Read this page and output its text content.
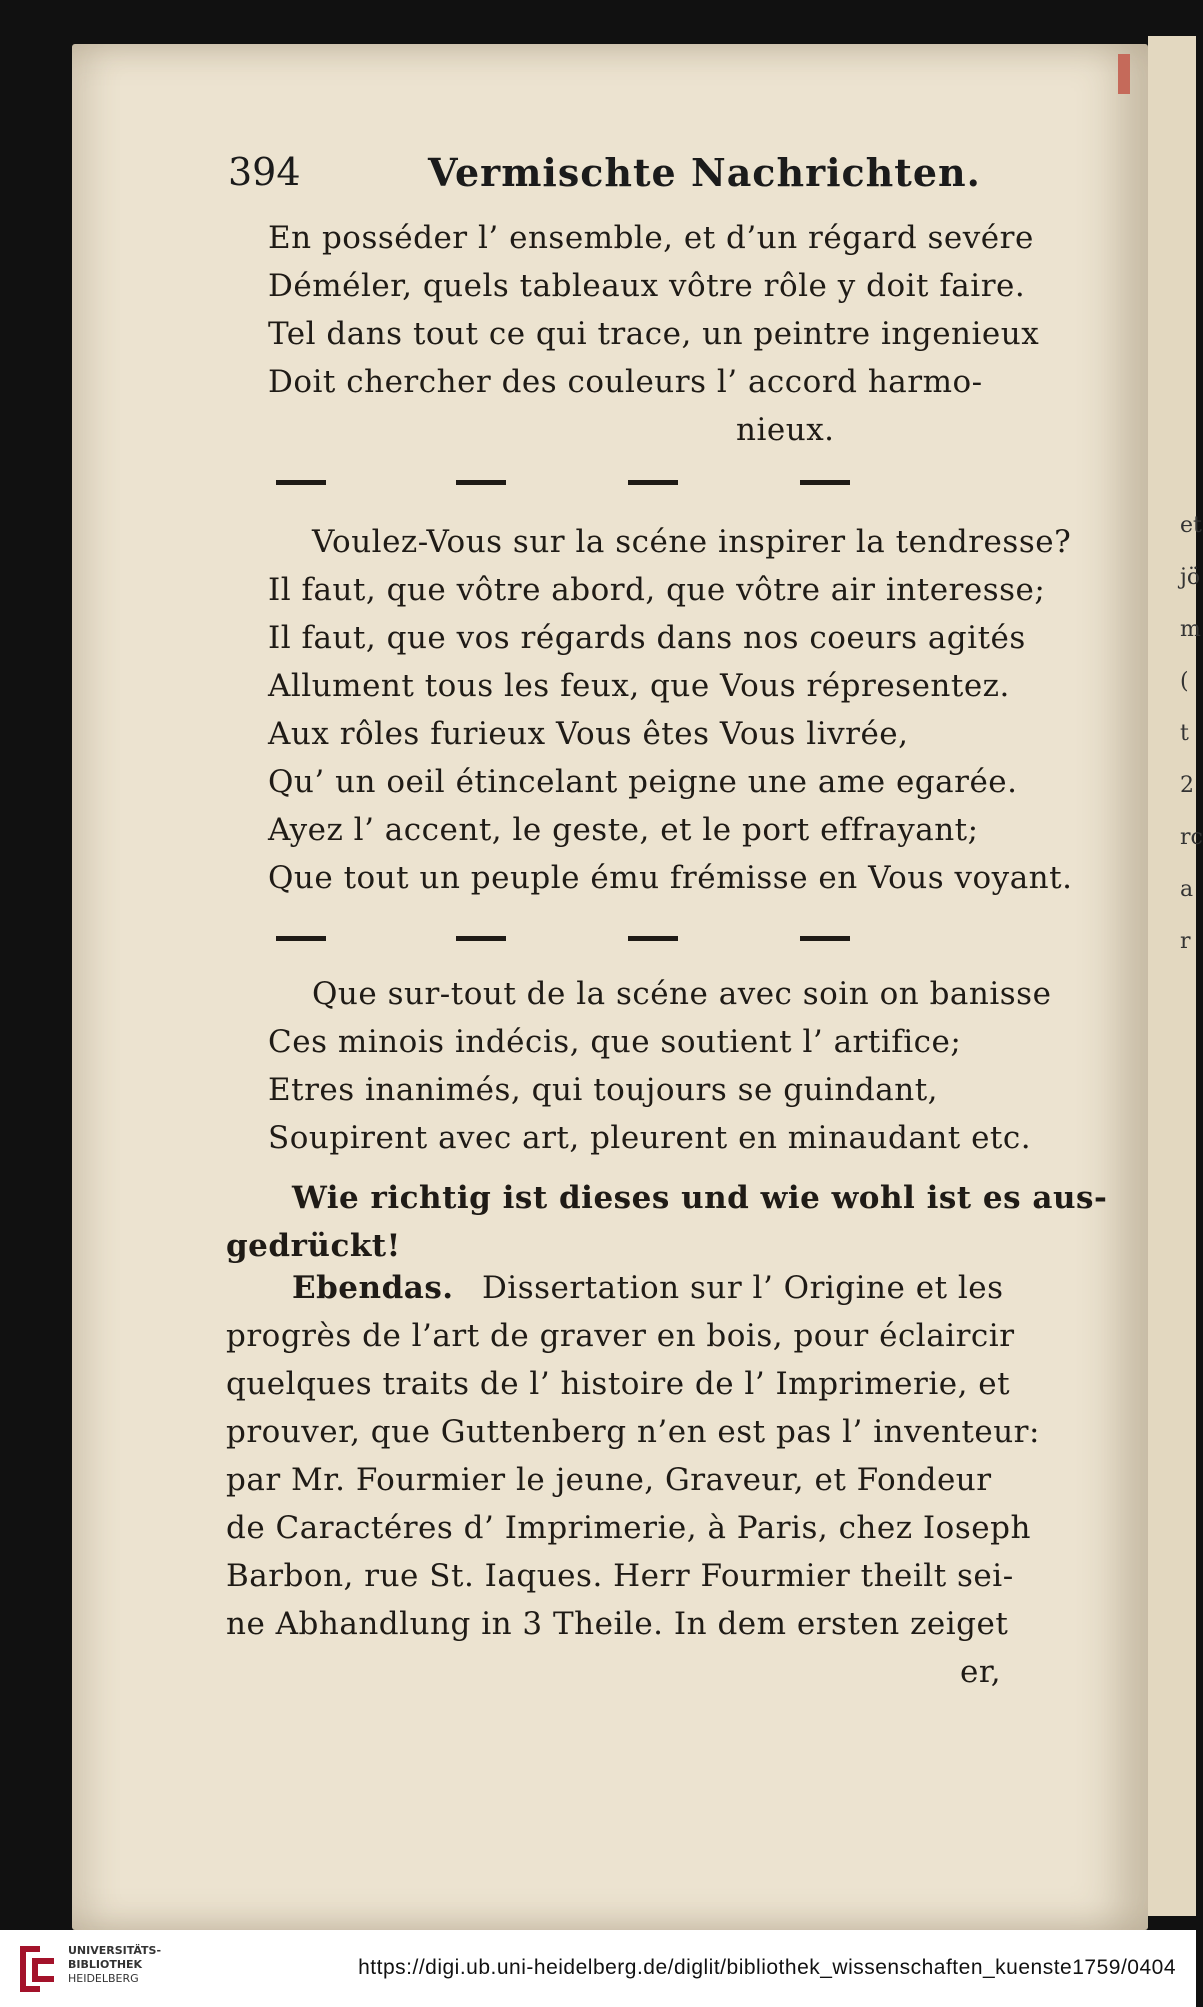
et
jö
m
(
t
2
rc
a
r
394	Vermischte Nachrichten.
En posséder l’ ensemble, et d’un régard sevére
Déméler, quels tableaux vôtre rôle y doit faire.
Tel dans tout ce qui trace, un peintre ingenieux
Doit chercher des couleurs l’ accord harmo-
nieux.
Voulez-Vous sur la scéne inspirer la tendresse?
Il faut, que vôtre abord, que vôtre air interesse;
Il faut, que vos régards dans nos coeurs agités
Allument tous les feux, que Vous répresentez.
Aux rôles furieux Vous êtes Vous livrée,
Qu’ un oeil étincelant peigne une ame egarée.
Ayez l’ accent, le geste, et le port effrayant;
Que tout un peuple ému frémisse en Vous voyant.
Que sur-tout de la scéne avec soin on banisse
Ces minois indécis, que soutient l’ artifice;
Etres inanimés, qui toujours se guindant,
Soupirent avec art, pleurent en minaudant etc.
Wie richtig ist dieses und wie wohl ist es aus-
gedrückt!
Ebendas. Dissertation sur l’ Origine et les
progrès de l’art de graver en bois, pour éclaircir
quelques traits de l’ histoire de l’ Imprimerie, et
prouver, que Guttenberg n’en est pas l’ inventeur:
par Mr. Fourmier le jeune, Graveur, et Fondeur
de Caractéres d’ Imprimerie, à Paris, chez Ioseph
Barbon, rue St. Iaques. Herr Fourmier theilt sei-
ne Abhandlung in 3 Theile. In dem ersten zeiget
er,
UNIVERSITÄTS-
BIBLIOTHEK
HEIDELBERG	https://digi.ub.uni-heidelberg.de/diglit/bibliothek_wissenschaften_kuenste1759/0404
